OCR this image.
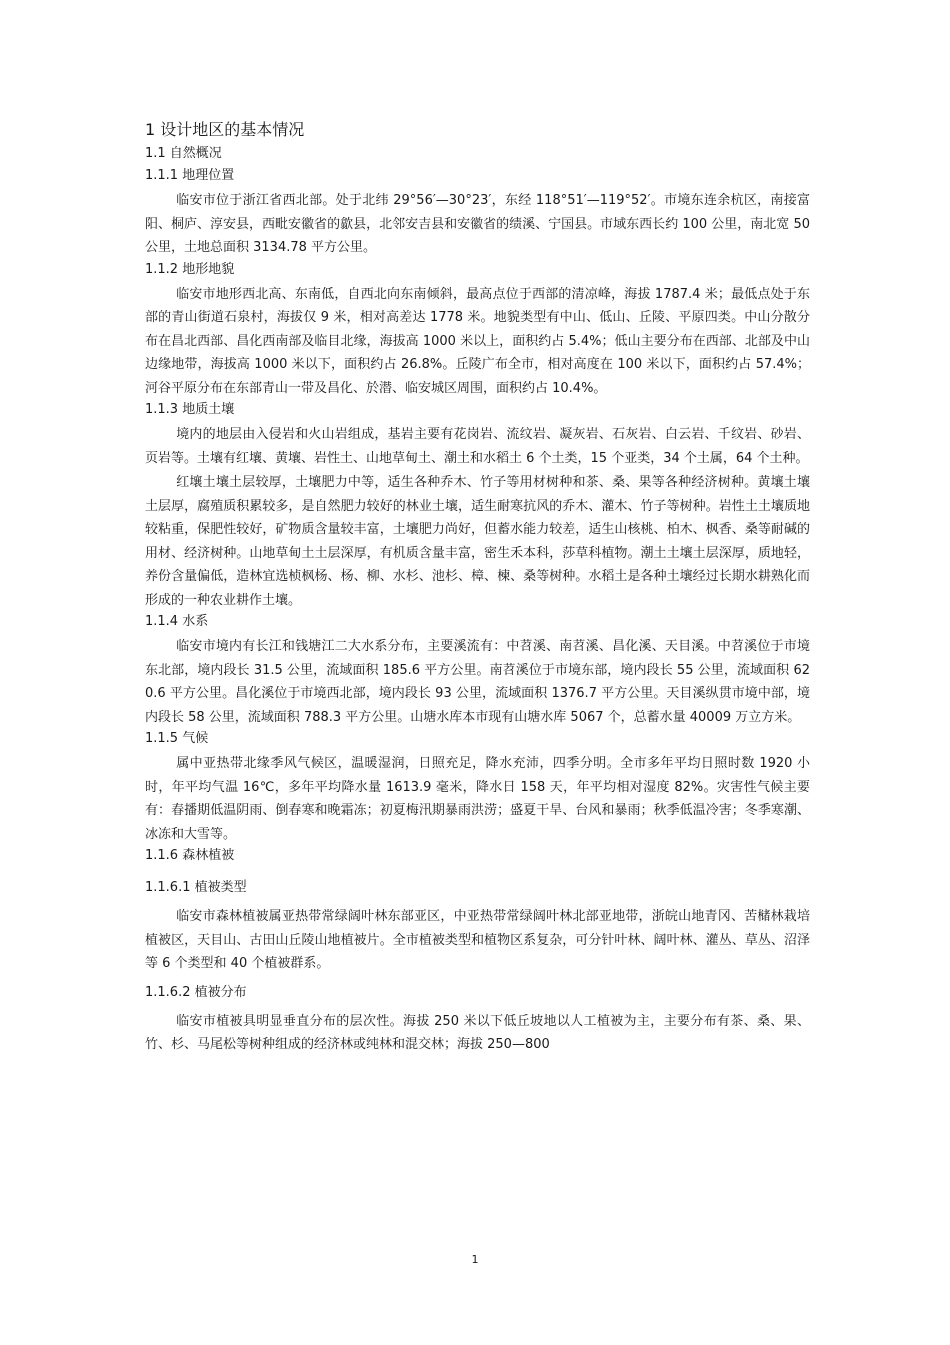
1 设计地区的基本情况
1.1 自然概况
1.1.1 地理位置

临安市位于浙江省西北部。处于北纬 29°56′—30°23′，东经 118°51′—119°52′。市境东连余杭区，南接富阳、桐庐、淳安县，西毗安徽省的歙县，北邻安吉县和安徽省的绩溪、宁国县。市域东西长约 100 公里，南北宽 50 公里，土地总面积 3134.78 平方公里。

1.1.2 地形地貌

临安市地形西北高、东南低，自西北向东南倾斜，最高点位于西部的清凉峰，海拔 1787.4 米；最低点处于东部的青山街道石泉村，海拔仅 9 米，相对高差达 1778 米。地貌类型有中山、低山、丘陵、平原四类。中山分散分布在昌北西部、昌化西南部及临目北缘，海拔高 1000 米以上，面积约占 5.4%；低山主要分布在西部、北部及中山边缘地带，海拔高 1000 米以下，面积约占 26.8%。丘陵广布全市，相对高度在 100 米以下，面积约占 57.4%；河谷平原分布在东部青山一带及昌化、於潜、临安城区周围，面积约占 10.4%。

1.1.3 地质土壤

境内的地层由入侵岩和火山岩组成，基岩主要有花岗岩、流纹岩、凝灰岩、石灰岩、白云岩、千纹岩、砂岩、页岩等。土壤有红壤、黄壤、岩性土、山地草甸土、潮土和水稻土 6 个土类，15 个亚类，34 个土属，64 个土种。

红壤土壤土层较厚，土壤肥力中等，适生各种乔木、竹子等用材树种和茶、桑、果等各种经济树种。黄壤土壤土层厚，腐殖质积累较多，是自然肥力较好的林业土壤，适生耐寒抗风的乔木、灌木、竹子等树种。岩性土土壤质地较粘重，保肥性较好，矿物质含量较丰富，土壤肥力尚好，但蓄水能力较差，适生山核桃、柏木、枫香、桑等耐碱的用材、经济树种。山地草甸土土层深厚，有机质含量丰富，密生禾本科，莎草科植物。潮土土壤土层深厚，质地轻，养份含量偏低，造林宜选桢枫杨、杨、柳、水杉、池杉、樟、楝、桑等树种。水稻土是各种土壤经过长期水耕熟化而形成的一种农业耕作土壤。

1.1.4 水系

临安市境内有长江和钱塘江二大水系分布，主要溪流有：中苕溪、南苕溪、昌化溪、天目溪。中苕溪位于市境东北部，境内段长 31.5 公里，流域面积 185.6 平方公里。南苕溪位于市境东部，境内段长 55 公里，流域面积 620.6 平方公里。昌化溪位于市境西北部，境内段长 93 公里，流域面积 1376.7 平方公里。天目溪纵贯市境中部，境内段长 58 公里，流域面积 788.3 平方公里。山塘水库本市现有山塘水库 5067 个，总蓄水量 40009 万立方米。

1.1.5 气候

属中亚热带北缘季风气候区，温暖湿润，日照充足，降水充沛，四季分明。全市多年平均日照时数 1920 小时，年平均气温 16℃，多年平均降水量 1613.9 毫米，降水日 158 天，年平均相对湿度 82%。灾害性气候主要有：春播期低温阴雨、倒春寒和晚霜冻；初夏梅汛期暴雨洪涝；盛夏干旱、台风和暴雨；秋季低温冷害；冬季寒潮、冰冻和大雪等。

1.1.6 森林植被
1.1.6.1 植被类型

临安市森林植被属亚热带常绿阔叶林东部亚区，中亚热带常绿阔叶林北部亚地带，浙皖山地青冈、苦槠林栽培植被区，天目山、古田山丘陵山地植被片。全市植被类型和植物区系复杂，可分针叶林、阔叶林、灌丛、草丛、沼泽等 6 个类型和 40 个植被群系。

1.1.6.2 植被分布

临安市植被具明显垂直分布的层次性。海拔 250 米以下低丘坡地以人工植被为主，主要分布有茶、桑、果、竹、杉、马尾松等树种组成的经济林或纯林和混交林；海拔 250—800

1
